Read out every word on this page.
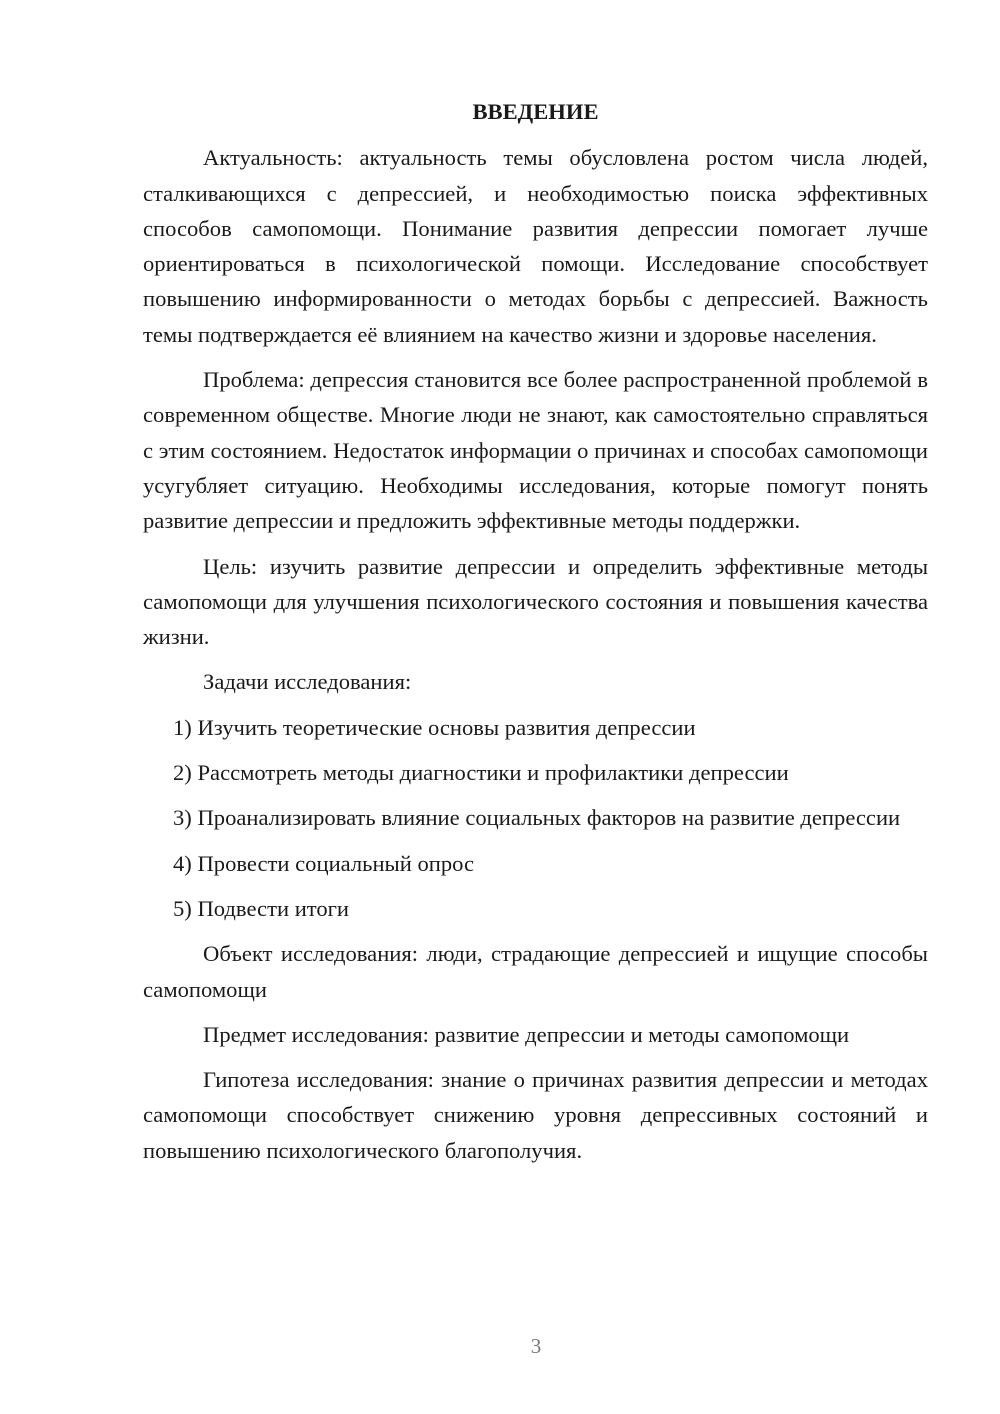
ВВЕДЕНИЕ

Актуальность: актуальность темы обусловлена ростом числа людей, сталкивающихся с депрессией, и необходимостью поиска эффективных способов самопомощи. Понимание развития депрессии помогает лучше ориентироваться в психологической помощи. Исследование способствует повышению информированности о методах борьбы с депрессией. Важность темы подтверждается её влиянием на качество жизни и здоровье населения.

Проблема: депрессия становится все более распространенной проблемой в современном обществе. Многие люди не знают, как самостоятельно справляться с этим состоянием. Недостаток информации о причинах и способах самопомощи усугубляет ситуацию. Необходимы исследования, которые помогут понять развитие депрессии и предложить эффективные методы поддержки.

Цель: изучить развитие депрессии и определить эффективные методы самопомощи для улучшения психологического состояния и повышения качества жизни.

Задачи исследования:

1) Изучить теоретические основы развития депрессии

2) Рассмотреть методы диагностики и профилактики депрессии

3) Проанализировать влияние социальных факторов на развитие депрессии

4) Провести социальный опрос

5) Подвести итоги

Объект исследования: люди, страдающие депрессией и ищущие способы самопомощи

Предмет исследования: развитие депрессии и методы самопомощи

Гипотеза исследования: знание о причинах развития депрессии и методах самопомощи способствует снижению уровня депрессивных состояний и повышению психологического благополучия.

3
